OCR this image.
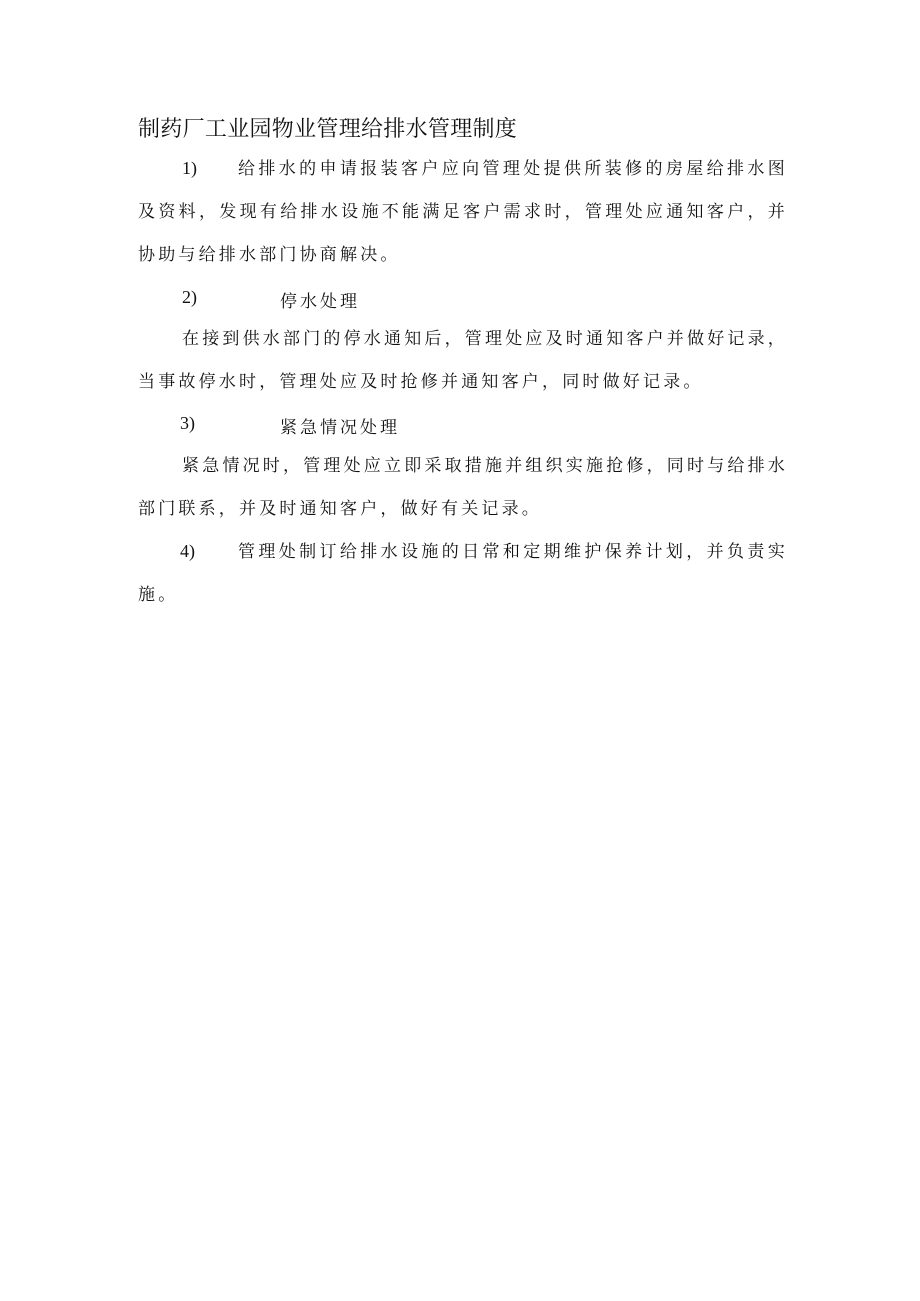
制药厂工业园物业管理给排水管理制度
1)	给排水的申请报装客户应向管理处提供所装修的房屋给排水图及资料，发现有给排水设施不能满足客户需求时，管理处应通知客户，并协助与给排水部门协商解决。
2)	停水处理
在接到供水部门的停水通知后，管理处应及时通知客户并做好记录，当事故停水时，管理处应及时抢修并通知客户，同时做好记录。
3)	紧急情况处理
紧急情况时，管理处应立即采取措施并组织实施抢修，同时与给排水部门联系，并及时通知客户，做好有关记录。
4)	管理处制订给排水设施的日常和定期维护保养计划，并负责实施。
